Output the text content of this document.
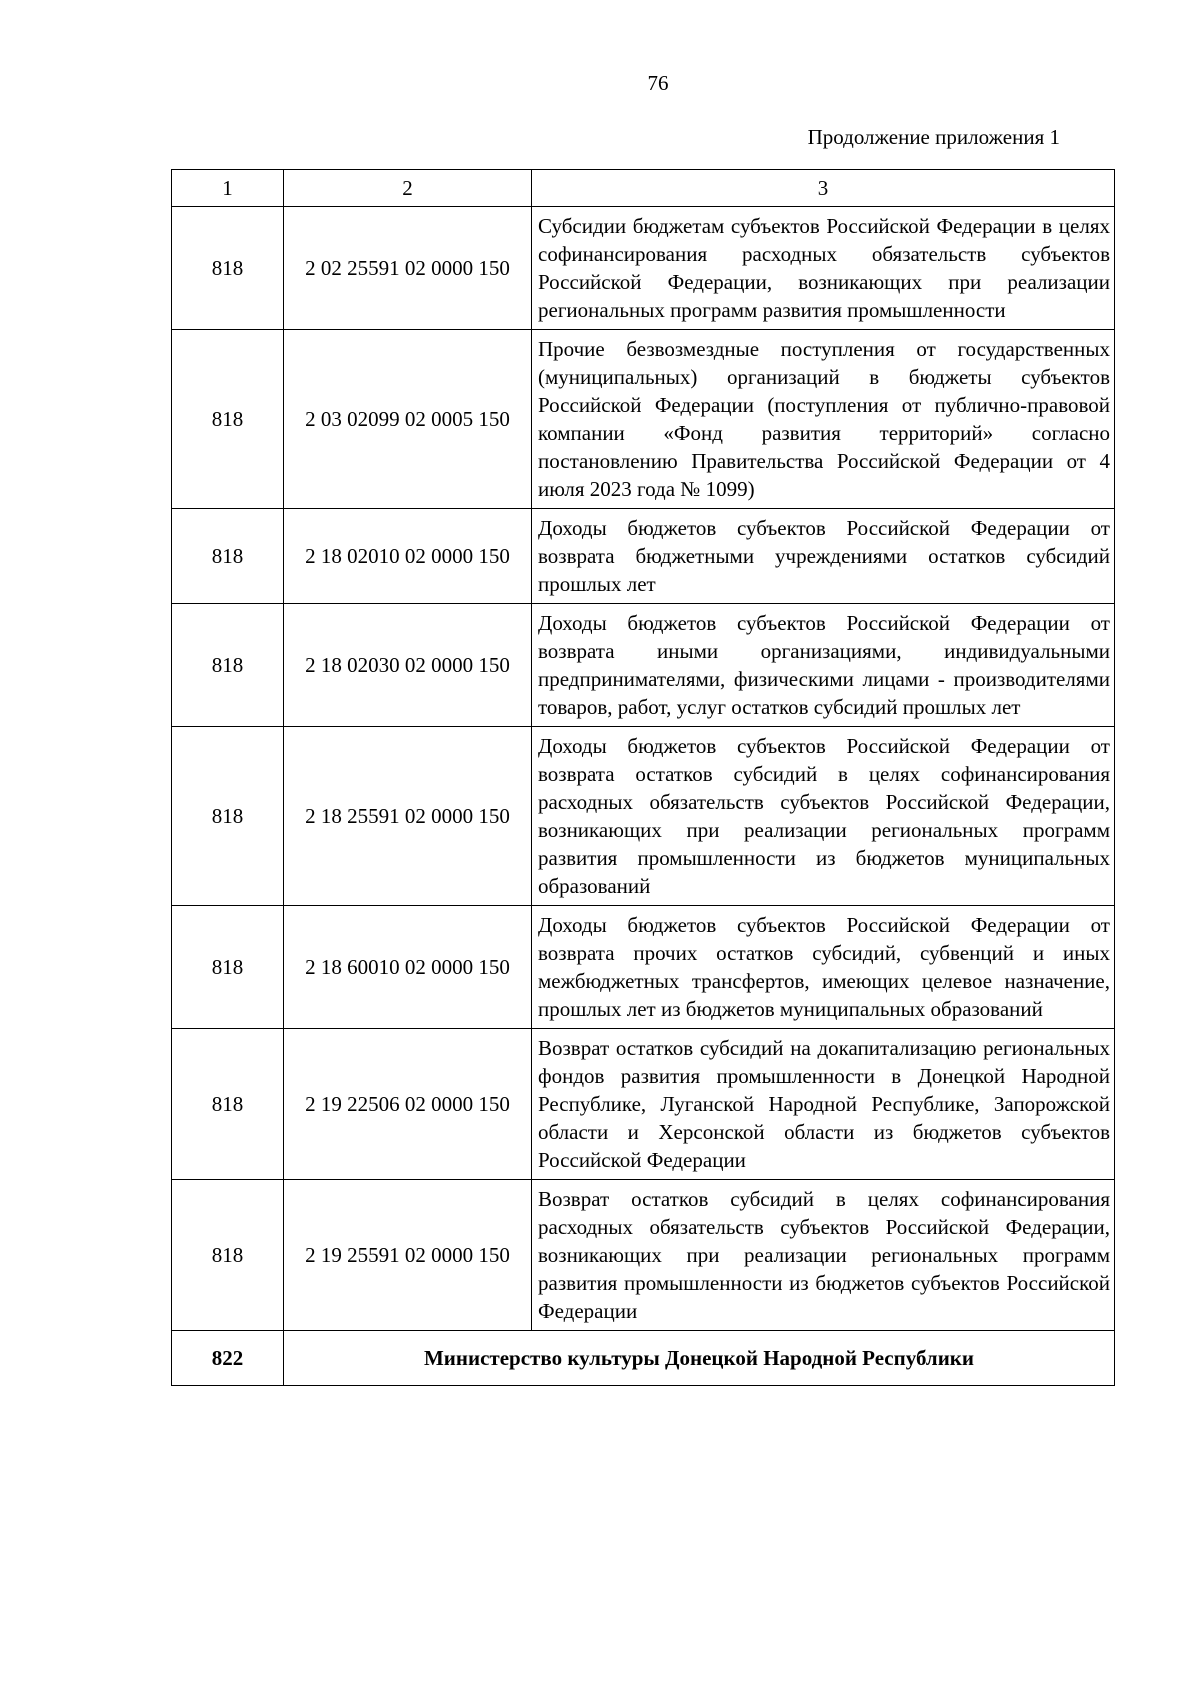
76
Продолжение приложения 1
1	2	3
818	2 02 25591 02 0000 150	Субсидии бюджетам субъектов Российской Федерации в целях софинансирования расходных обязательств субъектов Российской Федерации, возникающих при реализации региональных программ развития промышленности

818	2 03 02099 02 0005 150	Прочие безвозмездные поступления от государственных (муниципальных) организаций в бюджеты субъектов Российской Федерации (поступления от публично-правовой компании «Фонд развития территорий» согласно постановлению Правительства Российской Федерации от 4 июля 2023 года № 1099)

818	2 18 02010 02 0000 150	Доходы бюджетов субъектов Российской Федерации от возврата бюджетными учреждениями остатков субсидий прошлых лет

818	2 18 02030 02 0000 150	Доходы бюджетов субъектов Российской Федерации от возврата иными организациями, индивидуальными предпринимателями, физическими лицами - производителями товаров, работ, услуг остатков субсидий прошлых лет

818	2 18 25591 02 0000 150	Доходы бюджетов субъектов Российской Федерации от возврата остатков субсидий в целях софинансирования расходных обязательств субъектов Российской Федерации, возникающих при реализации региональных программ развития промышленности из бюджетов муниципальных образований

818	2 18 60010 02 0000 150	Доходы бюджетов субъектов Российской Федерации от возврата прочих остатков субсидий, субвенций и иных межбюджетных трансфертов, имеющих целевое назначение, прошлых лет из бюджетов муниципальных образований

818	2 19 22506 02 0000 150	Возврат остатков субсидий на докапитализацию региональных фондов развития промышленности в Донецкой Народной Республике, Луганской Народной Республике, Запорожской области и Херсонской области из бюджетов субъектов Российской Федерации

818	2 19 25591 02 0000 150	Возврат остатков субсидий в целях софинансирования расходных обязательств субъектов Российской Федерации, возникающих при реализации региональных программ развития промышленности из бюджетов субъектов Российской Федерации

822	Министерство культуры Донецкой Народной Республики	
